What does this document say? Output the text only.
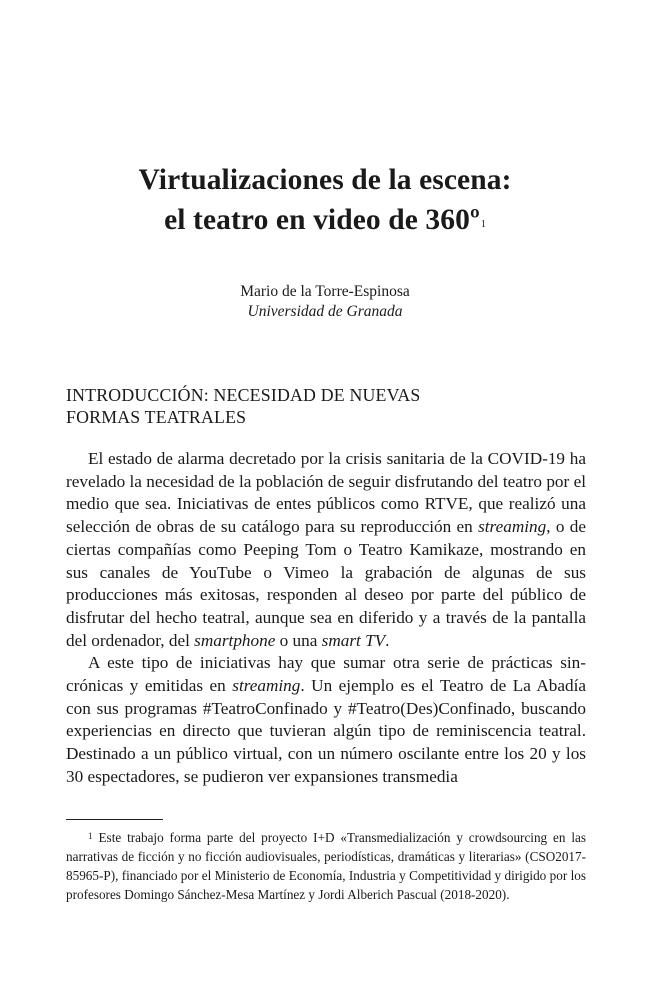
Virtualizaciones de la escena:
el teatro en video de 360º$^1$
Mario de la Torre-Espinosa
Universidad de Granada
INTRODUCCIÓN: NECESIDAD DE NUEVAS
FORMAS TEATRALES

El estado de alarma decretado por la crisis sanitaria de la COVID-19 ha revelado la necesidad de la población de seguir disfrutando del teatro por el medio que sea. Iniciativas de entes públicos como RTVE, que realizó una selección de obras de su catálogo para su reproducción en streaming, o de ciertas compañías como Peeping Tom o Teatro Kamikaze, mostrando en sus canales de YouTube o Vimeo la grabación de algunas de sus producciones más exitosas, responden al deseo por parte del público de disfrutar del hecho teatral, aunque sea en diferido y a través de la pantalla del ordenador, del smartphone o una smart TV.

A este tipo de iniciativas hay que sumar otra serie de prácticas sincrónicas y emitidas en streaming. Un ejemplo es el Teatro de La Abadía con sus programas #TeatroConfinado y #Teatro(Des)Confinado, buscando experiencias en directo que tuvieran algún tipo de reminiscencia teatral. Destinado a un público virtual, con un número oscilante entre los 20 y los 30 espectadores, se pudieron ver expansiones transmedia

$^1$ Este trabajo forma parte del proyecto I+D «Transmedialización y crowdsourcing en las narrativas de ficción y no ficción audiovisuales, periodísticas, dramáticas y literarias» (CSO2017-85965-P), financiado por el Ministerio de Economía, Industria y Competitividad y dirigido por los profesores Domingo Sánchez-Mesa Martínez y Jordi Alberich Pascual (2018-2020).
